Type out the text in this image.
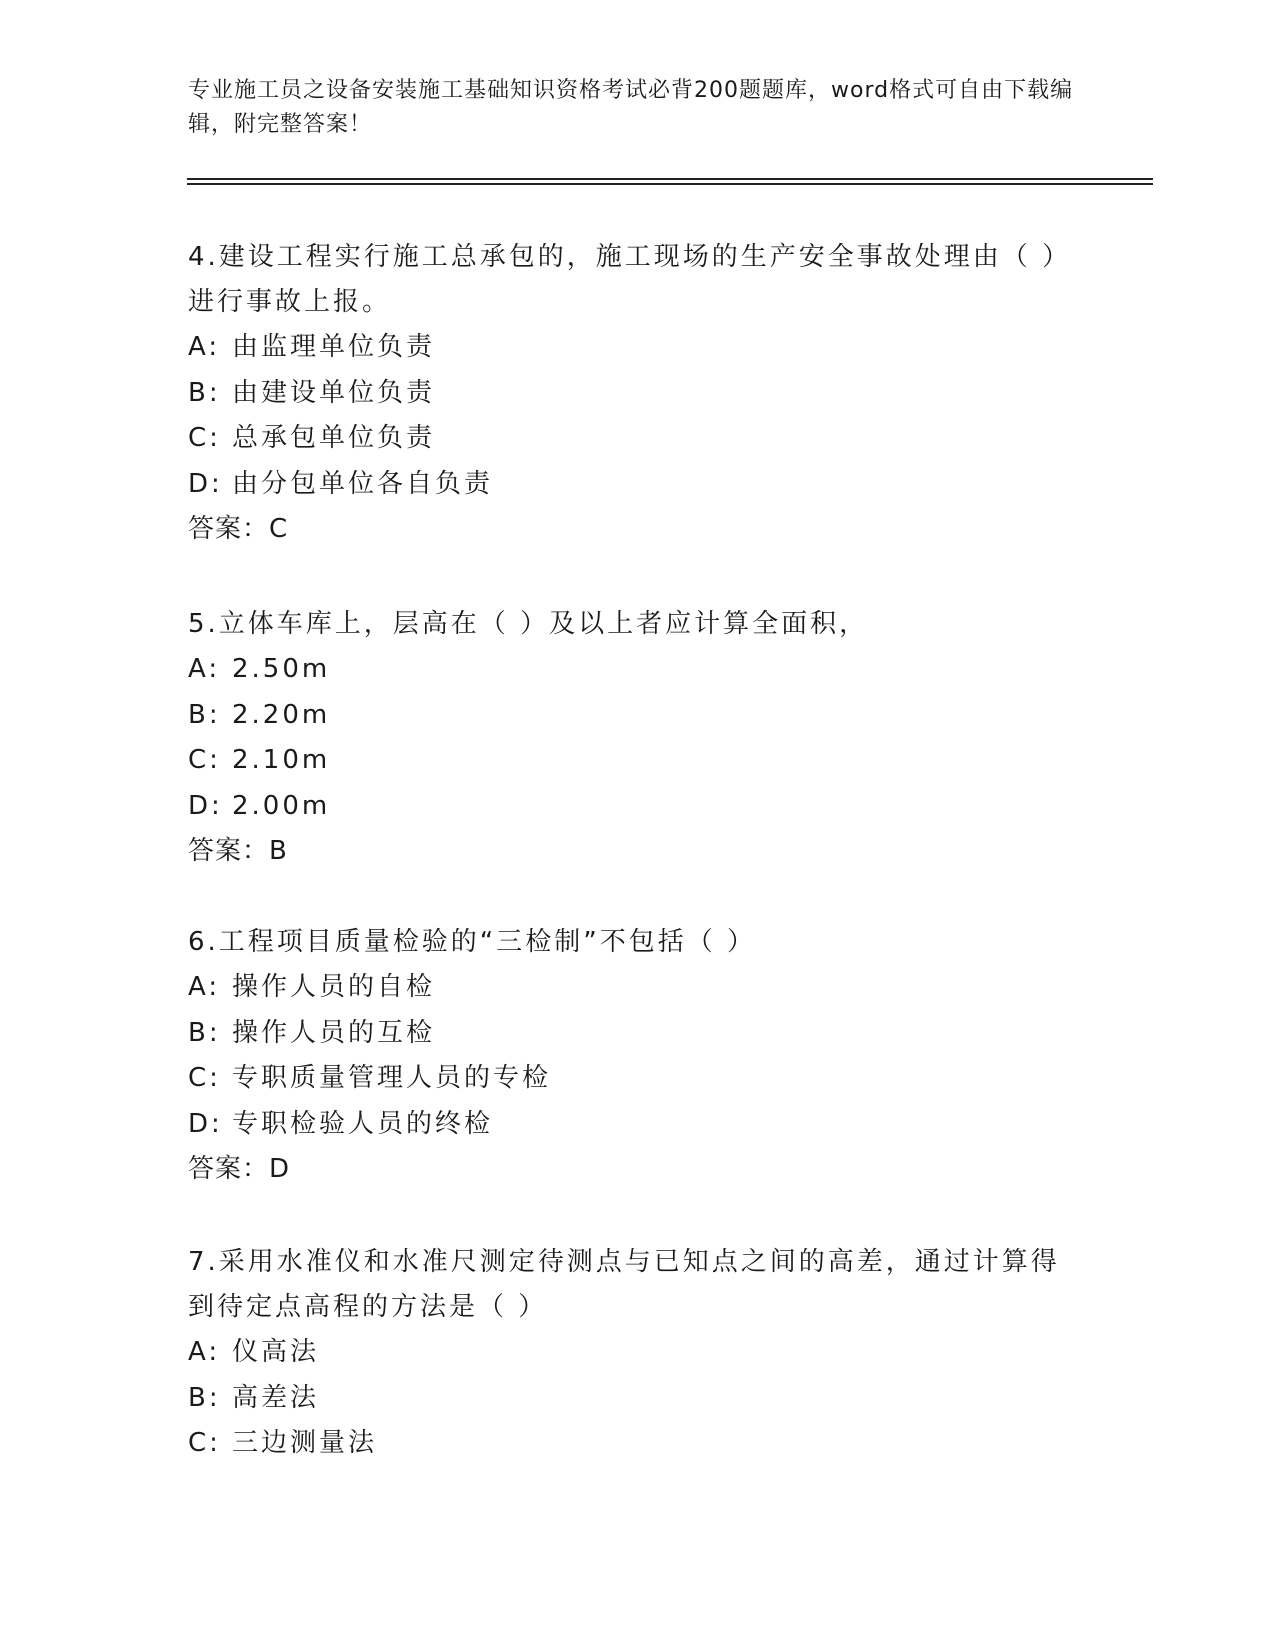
专业施工员之设备安装施工基础知识资格考试必背200题题库，word格式可自由下载编辑，附完整答案！

4.建设工程实行施工总承包的，施工现场的生产安全事故处理由（ ）进行事故上报。

A: 由监理单位负责
B: 由建设单位负责
C: 总承包单位负责
D: 由分包单位各自负责

答案：C

5.立体车库上，层高在（ ）及以上者应计算全面积，

A: 2.50m
B: 2.20m
C: 2.10m
D: 2.00m

答案：B

6.工程项目质量检验的“三检制”不包括（ ）

A: 操作人员的自检
B: 操作人员的互检
C: 专职质量管理人员的专检
D: 专职检验人员的终检

答案：D

7.采用水准仪和水准尺测定待测点与已知点之间的高差，通过计算得到待定点高程的方法是（ ）

A: 仪高法
B: 高差法
C: 三边测量法
